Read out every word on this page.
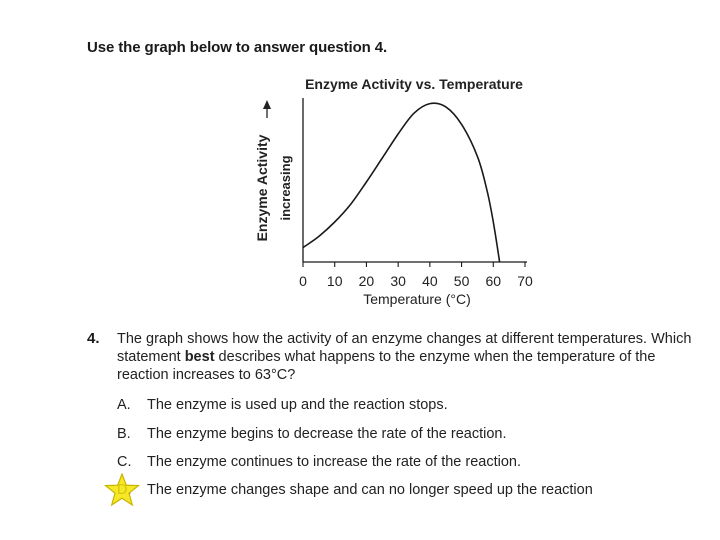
Use the graph below to answer question 4.
Enzyme Activity vs. Temperature
0 10 20 30 40 50 60 70
Temperature (°C)
Enzyme Activity increasing
4. The graph shows how the activity of an enzyme changes at different temperatures. Which statement best describes what happens to the enzyme when the temperature of the reaction increases to 63°C?
A. The enzyme is used up and the reaction stops.
B. The enzyme begins to decrease the rate of the reaction.
C. The enzyme continues to increase the rate of the reaction.
The enzyme changes shape and can no longer speed up the reaction
